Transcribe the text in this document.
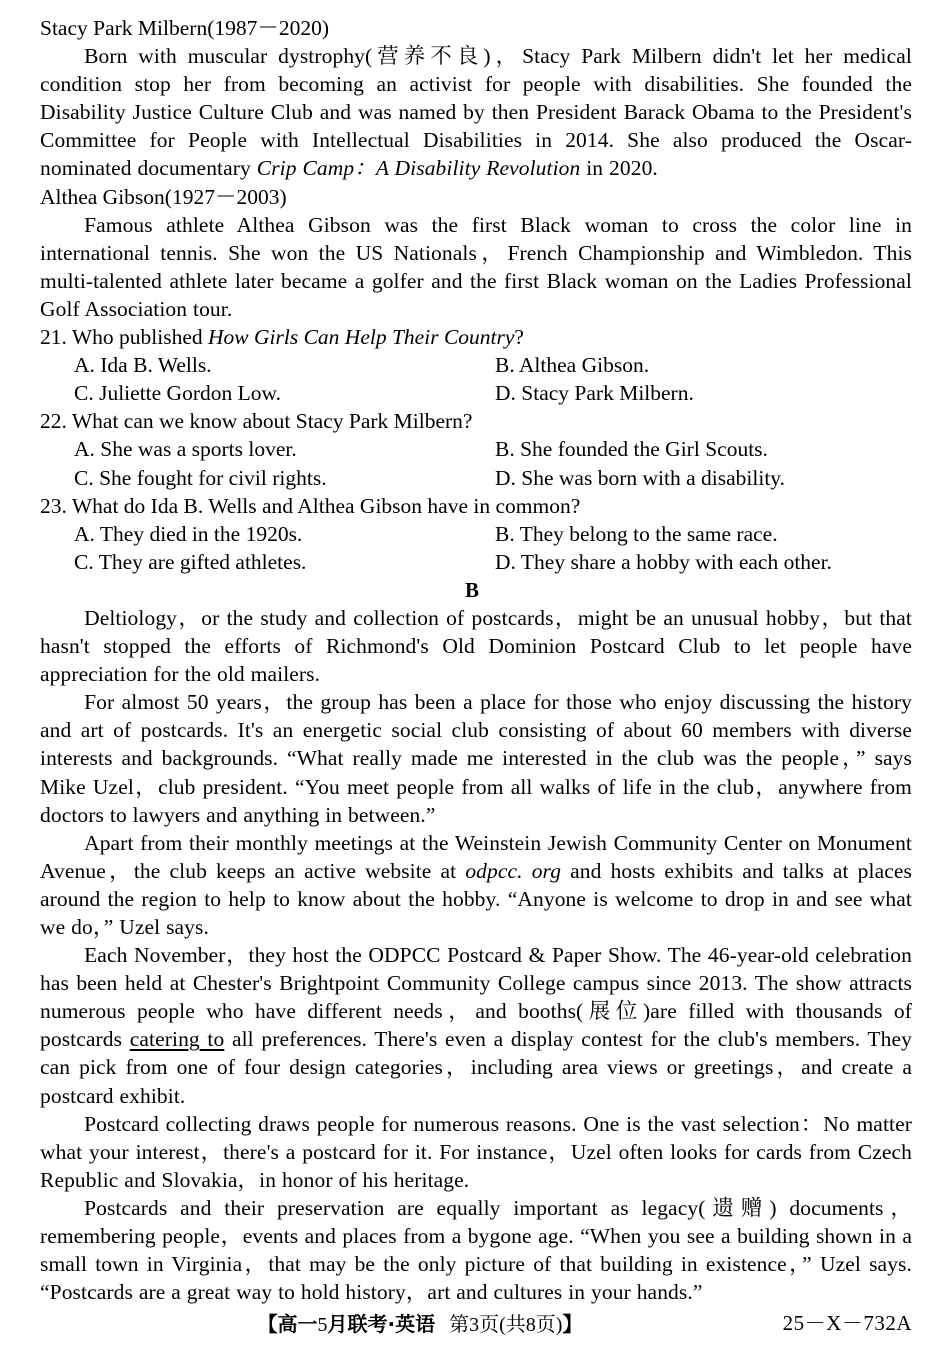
Stacy Park Milbern(1987－2020)
Born with muscular dystrophy(营养不良)，Stacy Park Milbern didn't let her medical condition stop her from becoming an activist for people with disabilities. She founded the Disability Justice Culture Club and was named by then President Barack Obama to the President's Committee for People with Intellectual Disabilities in 2014. She also produced the Oscar-nominated documentary Crip Camp：A Disability Revolution in 2020.
Althea Gibson(1927－2003)
Famous athlete Althea Gibson was the first Black woman to cross the color line in international tennis. She won the US Nationals，French Championship and Wimbledon. This multi-talented athlete later became a golfer and the first Black woman on the Ladies Professional Golf Association tour.
21. Who published How Girls Can Help Their Country?
A. Ida B. Wells.	B. Althea Gibson.
C. Juliette Gordon Low.	D. Stacy Park Milbern.
22. What can we know about Stacy Park Milbern?
A. She was a sports lover.	B. She founded the Girl Scouts.
C. She fought for civil rights.	D. She was born with a disability.
23. What do Ida B. Wells and Althea Gibson have in common?
A. They died in the 1920s.	B. They belong to the same race.
C. They are gifted athletes.	D. They share a hobby with each other.
B
Deltiology，or the study and collection of postcards，might be an unusual hobby，but that hasn't stopped the efforts of Richmond's Old Dominion Postcard Club to let people have appreciation for the old mailers.
For almost 50 years，the group has been a place for those who enjoy discussing the history and art of postcards. It's an energetic social club consisting of about 60 members with diverse interests and backgrounds. “What really made me interested in the club was the people，” says Mike Uzel，club president. “You meet people from all walks of life in the club，anywhere from doctors to lawyers and anything in between.”
Apart from their monthly meetings at the Weinstein Jewish Community Center on Monument Avenue，the club keeps an active website at odpcc. org and hosts exhibits and talks at places around the region to help to know about the hobby. “Anyone is welcome to drop in and see what we do，” Uzel says.
Each November，they host the ODPCC Postcard & Paper Show. The 46-year-old celebration has been held at Chester's Brightpoint Community College campus since 2013. The show attracts numerous people who have different needs，and booths(展位)are filled with thousands of postcards catering to all preferences. There's even a display contest for the club's members. They can pick from one of four design categories，including area views or greetings，and create a postcard exhibit.
Postcard collecting draws people for numerous reasons. One is the vast selection：No matter what your interest，there's a postcard for it. For instance，Uzel often looks for cards from Czech Republic and Slovakia，in honor of his heritage.
Postcards and their preservation are equally important as legacy(遗赠) documents，remembering people，events and places from a bygone age. “When you see a building shown in a small town in Virginia，that may be the only picture of that building in existence，” Uzel says. “Postcards are a great way to hold history，art and cultures in your hands.”
【高一5月联考·英语 第3页(共8页)】	25－X－732A
